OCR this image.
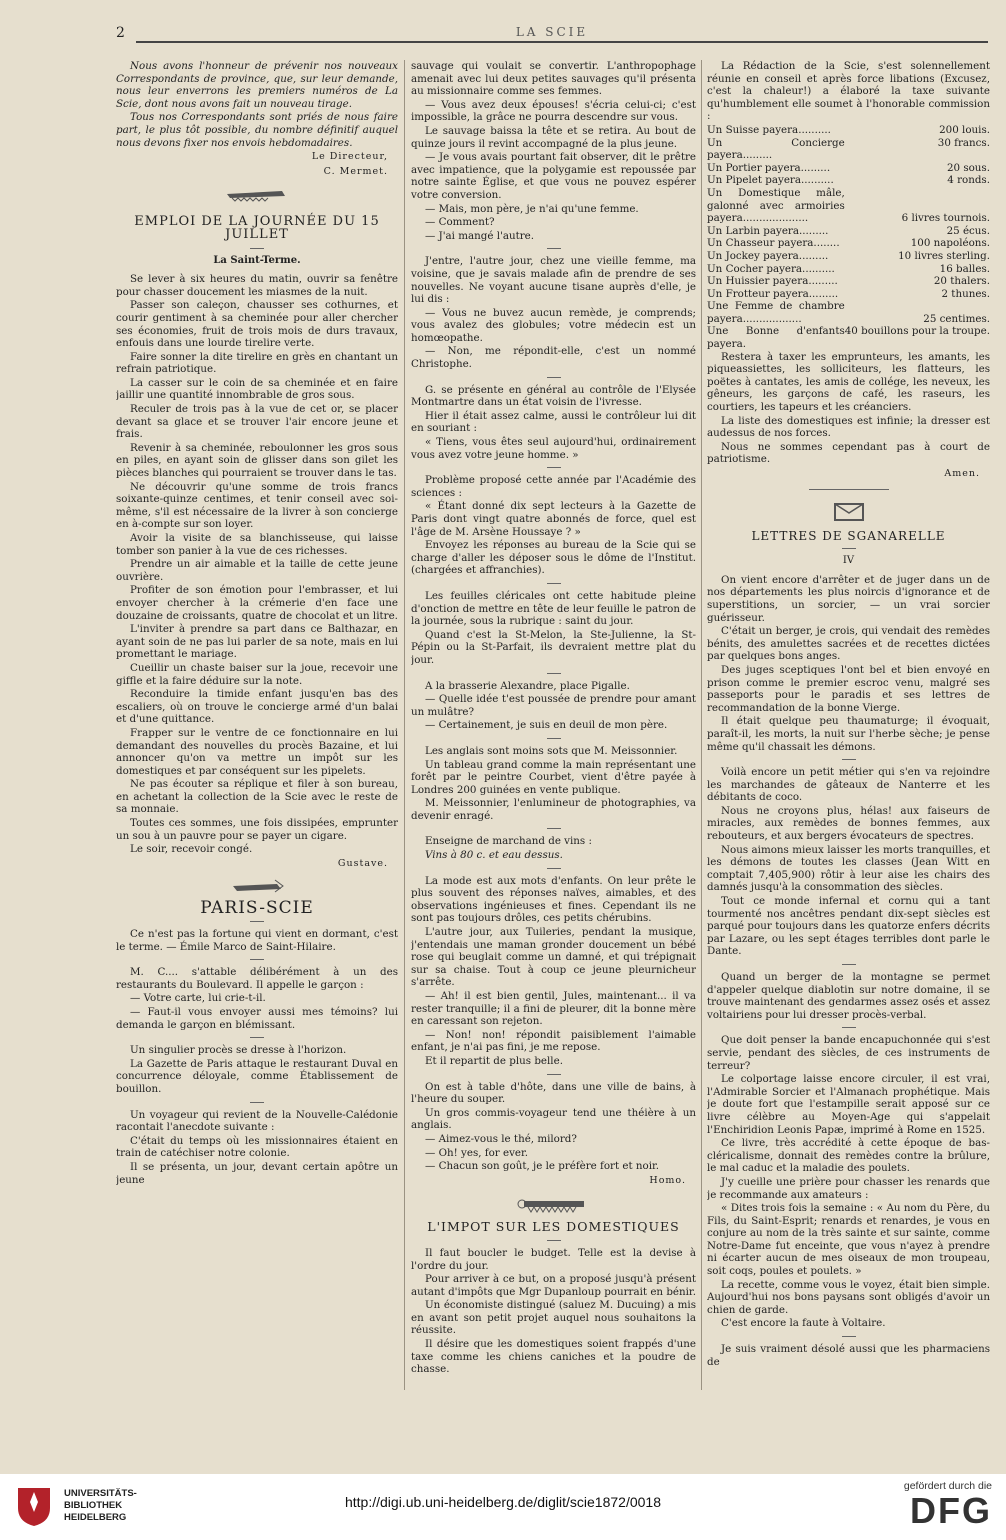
2	LA SCIE

Nous avons l'honneur de prévenir nos nouveaux Correspondants de province, que, sur leur demande, nous leur enverrons les premiers numéros de La Scie, dont nous avons fait un nouveau tirage.

Tous nos Correspondants sont priés de nous faire part, le plus tôt possible, du nombre définitif auquel nous devons fixer nos envois hebdomadaires.

Le Directeur,
C. Mermet.
EMPLOI DE LA JOURNÉE DU 15 JUILLET
La Saint-Terme.

Se lever à six heures du matin, ouvrir sa fenêtre pour chasser doucement les miasmes de la nuit.

Passer son caleçon, chausser ses cothurnes, et courir gentiment à sa cheminée pour aller chercher ses économies, fruit de trois mois de durs travaux, enfouis dans une lourde tirelire verte.

Faire sonner la dite tirelire en grès en chantant un refrain patriotique.

La casser sur le coin de sa cheminée et en faire jaillir une quantité innombrable de gros sous.

Reculer de trois pas à la vue de cet or, se placer devant sa glace et se trouver l'air encore jeune et frais.

Revenir à sa cheminée, reboulonner les gros sous en piles, en ayant soin de glisser dans son gilet les pièces blanches qui pourraient se trouver dans le tas.

Ne découvrir qu'une somme de trois francs soixante-quinze centimes, et tenir conseil avec soi-même, s'il est nécessaire de la livrer à son concierge en à-compte sur son loyer.

Avoir la visite de sa blanchisseuse, qui laisse tomber son panier à la vue de ces richesses.

Prendre un air aimable et la taille de cette jeune ouvrière.

Profiter de son émotion pour l'embrasser, et lui envoyer chercher à la crémerie d'en face une douzaine de croissants, quatre de chocolat et un litre.

L'inviter à prendre sa part dans ce Balthazar, en ayant soin de ne pas lui parler de sa note, mais en lui promettant le mariage.

Cueillir un chaste baiser sur la joue, recevoir une giffle et la faire déduire sur la note.

Reconduire la timide enfant jusqu'en bas des escaliers, où on trouve le concierge armé d'un balai et d'une quittance.

Frapper sur le ventre de ce fonctionnaire en lui demandant des nouvelles du procès Bazaine, et lui annoncer qu'on va mettre un impôt sur les domestiques et par conséquent sur les pipelets.

Ne pas écouter sa réplique et filer à son bureau, en achetant la collection de la Scie avec le reste de sa monnaie.

Toutes ces sommes, une fois dissipées, emprunter un sou à un pauvre pour se payer un cigare.

Le soir, recevoir congé.

Gustave.
PARIS-SCIE

Ce n'est pas la fortune qui vient en dormant, c'est le terme. — Émile Marco de Saint-Hilaire.

M. C.... s'attable délibérément à un des restaurants du Boulevard. Il appelle le garçon :

— Votre carte, lui crie-t-il.

— Faut-il vous envoyer aussi mes témoins? lui demanda le garçon en blémissant.

Un singulier procès se dresse à l'horizon.

La Gazette de Paris attaque le restaurant Duval en concurrence déloyale, comme Établissement de bouillon.

Un voyageur qui revient de la Nouvelle-Calédonie racontait l'anecdote suivante :

C'était du temps où les missionnaires étaient en train de catéchiser notre colonie.

Il se présenta, un jour, devant certain apôtre un jeune

sauvage qui voulait se convertir. L'anthropophage amenait avec lui deux petites sauvages qu'il présenta au missionnaire comme ses femmes.

— Vous avez deux épouses! s'écria celui-ci; c'est impossible, la grâce ne pourra descendre sur vous.

Le sauvage baissa la tête et se retira. Au bout de quinze jours il revint accompagné de la plus jeune.

— Je vous avais pourtant fait observer, dit le prêtre avec impatience, que la polygamie est repoussée par notre sainte Église, et que vous ne pouvez espérer votre conversion.

— Mais, mon père, je n'ai qu'une femme.

— Comment?

— J'ai mangé l'autre.

J'entre, l'autre jour, chez une vieille femme, ma voisine, que je savais malade afin de prendre de ses nouvelles. Ne voyant aucune tisane auprès d'elle, je lui dis :

— Vous ne buvez aucun remède, je comprends; vous avalez des globules; votre médecin est un homœopathe.

— Non, me répondit-elle, c'est un nommé Christophe.

G. se présente en général au contrôle de l'Elysée Montmartre dans un état voisin de l'ivresse.

Hier il était assez calme, aussi le contrôleur lui dit en souriant :

« Tiens, vous êtes seul aujourd'hui, ordinairement vous avez votre jeune homme. »

Problème proposé cette année par l'Académie des sciences :

« Étant donné dix sept lecteurs à la Gazette de Paris dont vingt quatre abonnés de force, quel est l'âge de M. Arsène Houssaye ? »

Envoyez les réponses au bureau de la Scie qui se charge d'aller les déposer sous le dôme de l'Institut. (chargées et affranchies).

Les feuilles cléricales ont cette habitude pleine d'onction de mettre en tête de leur feuille le patron de la journée, sous la rubrique : saint du jour.

Quand c'est la St-Melon, la Ste-Julienne, la St-Pépin ou la St-Parfait, ils devraient mettre plat du jour.

A la brasserie Alexandre, place Pigalle.

— Quelle idée t'est poussée de prendre pour amant un mulâtre?

— Certainement, je suis en deuil de mon père.

Les anglais sont moins sots que M. Meissonnier.

Un tableau grand comme la main représentant une forêt par le peintre Courbet, vient d'être payée à Londres 200 guinées en vente publique.

M. Meissonnier, l'enlumineur de photographies, va devenir enragé.

Enseigne de marchand de vins :

Vins à 80 c. et eau dessus.

La mode est aux mots d'enfants. On leur prête le plus souvent des réponses naïves, aimables, et des observations ingénieuses et fines. Cependant ils ne sont pas toujours drôles, ces petits chérubins.

L'autre jour, aux Tuileries, pendant la musique, j'entendais une maman gronder doucement un bébé rose qui beuglait comme un damné, et qui trépignait sur sa chaise. Tout à coup ce jeune pleurnicheur s'arrête.

— Ah! il est bien gentil, Jules, maintenant... il va rester tranquille; il a fini de pleurer, dit la bonne mère en caressant son rejeton.

— Non! non! répondit paisiblement l'aimable enfant, je n'ai pas fini, je me repose.

Et il repartit de plus belle.

On est à table d'hôte, dans une ville de bains, à l'heure du souper.

Un gros commis-voyageur tend une théière à un anglais.

— Aimez-vous le thé, milord?

— Oh! yes, for ever.

— Chacun son goût, je le préfère fort et noir.

Homo.
L'IMPOT SUR LES DOMESTIQUES

Il faut boucler le budget. Telle est la devise à l'ordre du jour.

Pour arriver à ce but, on a proposé jusqu'à présent autant d'impôts que Mgr Dupanloup pourrait en bénir.

Un économiste distingué (saluez M. Ducuing) a mis en avant son petit projet auquel nous souhaitons la réussite.

Il désire que les domestiques soient frappés d'une taxe comme les chiens caniches et la poudre de chasse.

La Rédaction de la Scie, s'est solennellement réunie en conseil et après force libations (Excusez, c'est la chaleur!) a élaboré la taxe suivante qu'humblement elle soumet à l'honorable commission :

Un Suisse payera..........	200 louis.
Un Concierge payera.........	30 francs.
Un Portier payera.........	20 sous.
Un Pipelet payera..........	4 ronds.
Un Domestique mâle, galonné avec armoiries payera....................	6 livres tournois.
Un Larbin payera.........	25 écus.
Un Chasseur payera........	100 napoléons.
Un Jockey payera.........	10 livres sterling.
Un Cocher payera..........	16 balles.
Un Huissier payera.........	20 thalers.
Un Frotteur payera.........	2 thunes.
Une Femme de chambre payera..................	25 centimes.
Une Bonne d'enfants payera.	40 bouillons pour la troupe.

Restera à taxer les emprunteurs, les amants, les piqueassiettes, les solliciteurs, les flatteurs, les poëtes à cantates, les amis de collége, les neveux, les gêneurs, les garçons de café, les raseurs, les courtiers, les tapeurs et les créanciers.

La liste des domestiques est infinie; la dresser est audessus de nos forces.

Nous ne sommes cependant pas à court de patriotisme.

Amen.
LETTRES DE SGANARELLE
IV

On vient encore d'arrêter et de juger dans un de nos départements les plus noircis d'ignorance et de superstitions, un sorcier, — un vrai sorcier guérisseur.

C'était un berger, je crois, qui vendait des remèdes bénits, des amulettes sacrées et de recettes dictées par quelques bons anges.

Des juges sceptiques l'ont bel et bien envoyé en prison comme le premier escroc venu, malgré ses passeports pour le paradis et ses lettres de recommandation de la bonne Vierge.

Il était quelque peu thaumaturge; il évoquait, paraît-il, les morts, la nuit sur l'herbe sèche; je pense même qu'il chassait les démons.

Voilà encore un petit métier qui s'en va rejoindre les marchandes de gâteaux de Nanterre et les débitants de coco.

Nous ne croyons plus, hélas! aux faiseurs de miracles, aux remèdes de bonnes femmes, aux rebouteurs, et aux bergers évocateurs de spectres.

Nous aimons mieux laisser les morts tranquilles, et les démons de toutes les classes (Jean Witt en comptait 7,405,900) rôtir à leur aise les chairs des damnés jusqu'à la consommation des siècles.

Tout ce monde infernal et cornu qui a tant tourmenté nos ancêtres pendant dix-sept siècles est parqué pour toujours dans les quatorze enfers décrits par Lazare, ou les sept étages terribles dont parle le Dante.

Quand un berger de la montagne se permet d'appeler quelque diablotin sur notre domaine, il se trouve maintenant des gendarmes assez osés et assez voltairiens pour lui dresser procès-verbal.

Que doit penser la bande encapuchonnée qui s'est servie, pendant des siècles, de ces instruments de terreur?

Le colportage laisse encore circuler, il est vrai, l'Admirable Sorcier et l'Almanach prophétique. Mais je doute fort que l'estampille serait apposé sur ce livre célèbre au Moyen-Age qui s'appelait l'Enchiridion Leonis Papæ, imprimé à Rome en 1525.

Ce livre, très accrédité à cette époque de bas-cléricalisme, donnait des remèdes contre la brûlure, le mal caduc et la maladie des poulets.

J'y cueille une prière pour chasser les renards que je recommande aux amateurs :

« Dites trois fois la semaine : « Au nom du Père, du Fils, du Saint-Esprit; renards et renardes, je vous en conjure au nom de la très sainte et sur sainte, comme Notre-Dame fut enceinte, que vous n'ayez à prendre ni écarter aucun de mes oiseaux de mon troupeau, soit coqs, poules et poulets. »

La recette, comme vous le voyez, était bien simple. Aujourd'hui nos bons paysans sont obligés d'avoir un chien de garde.

C'est encore la faute à Voltaire.

Je suis vraiment désolé aussi que les pharmaciens de

UNIVERSITÄTS-
BIBLIOTHEK
HEIDELBERG
http://digi.ub.uni-heidelberg.de/diglit/scie1872/0018
gefördert durch die
DFG
